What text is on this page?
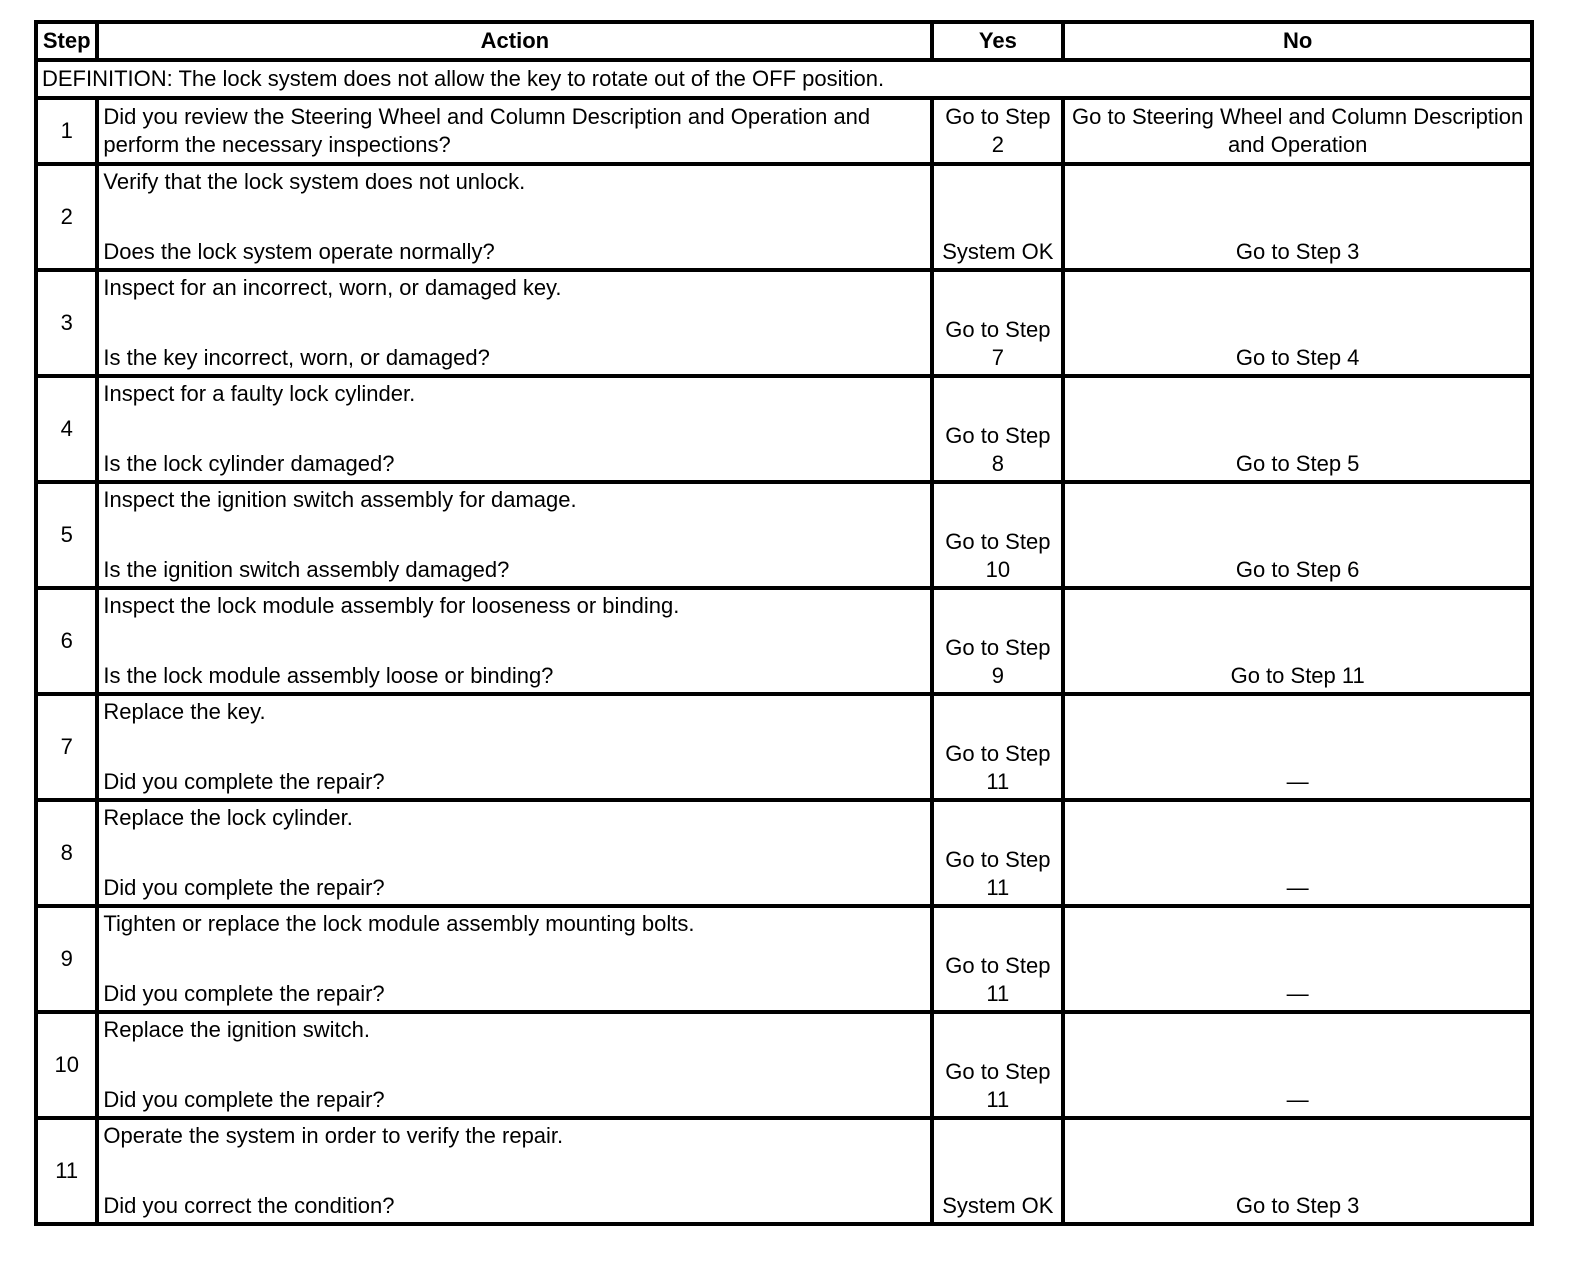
Step	Action	Yes	No
DEFINITION: The lock system does not allow the key to rotate out of the OFF position.			
1	Did you review the Steering Wheel and Column Description and Operation and perform the necessary inspections?	Go to Step 2	Go to Steering Wheel and Column Description and Operation
2	Verify that the lock system does not unlock.
Does the lock system operate normally?	System OK	Go to Step 3
3	Inspect for an incorrect, worn, or damaged key.
Is the key incorrect, worn, or damaged?	Go to Step 7	Go to Step 4
4	Inspect for a faulty lock cylinder.
Is the lock cylinder damaged?	Go to Step 8	Go to Step 5
5	Inspect the ignition switch assembly for damage.
Is the ignition switch assembly damaged?	Go to Step 10	Go to Step 6
6	Inspect the lock module assembly for looseness or binding.
Is the lock module assembly loose or binding?	Go to Step 9	Go to Step 11
7	Replace the key.
Did you complete the repair?	Go to Step 11	—
8	Replace the lock cylinder.
Did you complete the repair?	Go to Step 11	—
9	Tighten or replace the lock module assembly mounting bolts.
Did you complete the repair?	Go to Step 11	—
10	Replace the ignition switch.
Did you complete the repair?	Go to Step 11	—
11	Operate the system in order to verify the repair.
Did you correct the condition?	System OK	Go to Step 3
